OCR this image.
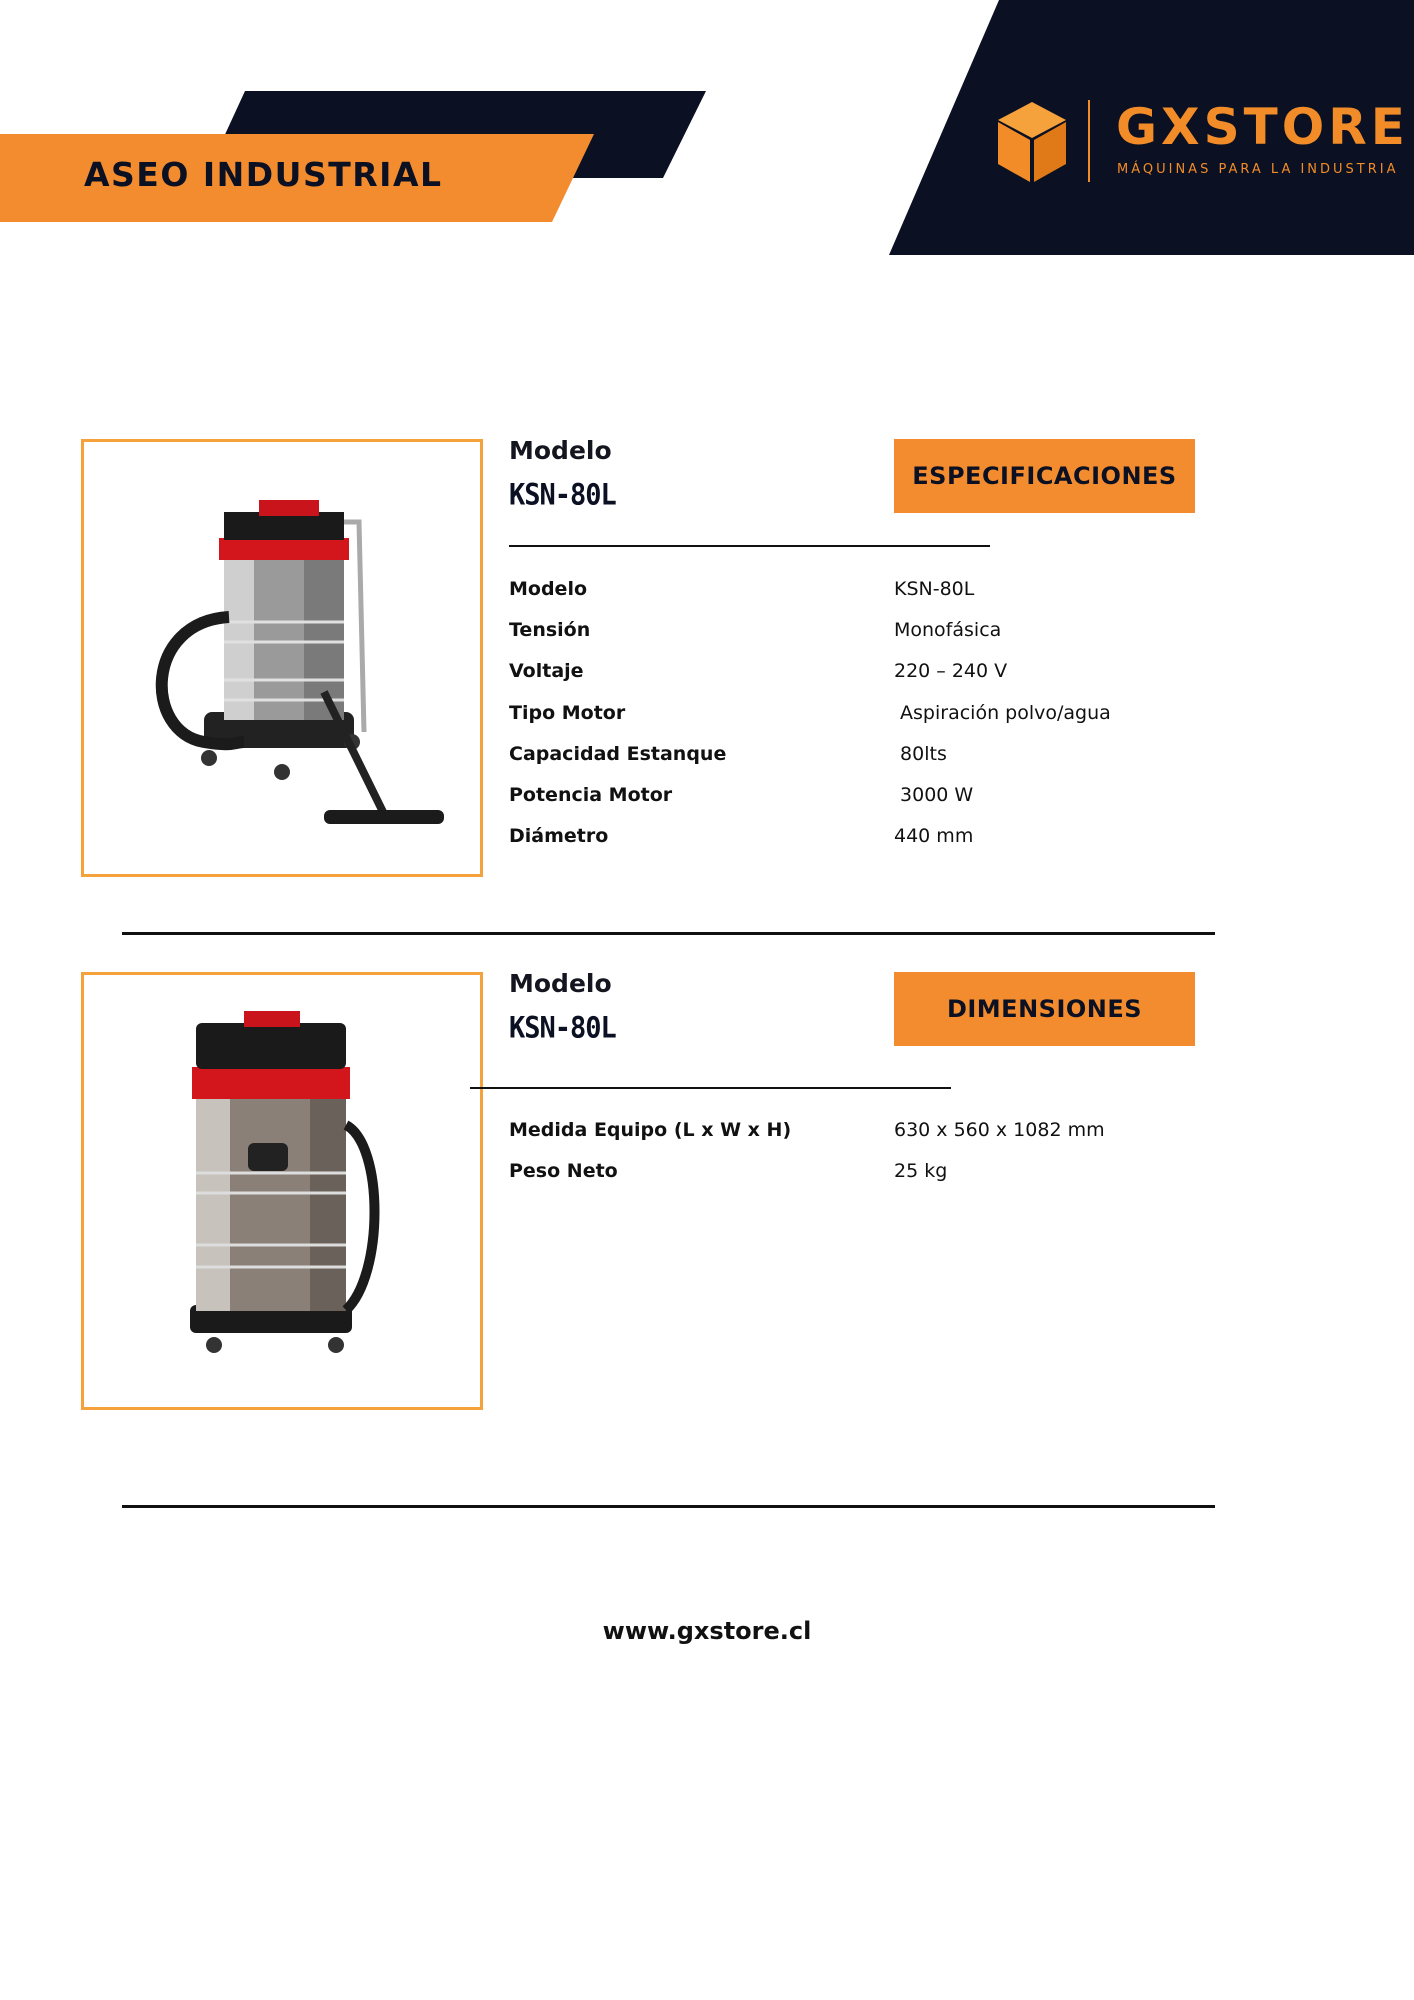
ASEO INDUSTRIAL
GXSTORE
MÁQUINAS PARA LA INDUSTRIA
Modelo
KSN-80L
ESPECIFICACIONES
Modelo	KSN-80L
Tensión	Monofásica
Voltaje	220 – 240 V
Tipo Motor	Aspiración polvo/agua
Capacidad Estanque	80lts
Potencia Motor	3000 W
Diámetro	440 mm
Modelo
KSN-80L
DIMENSIONES
Medida Equipo (L x W x H)	630 x 560 x 1082 mm
Peso Neto	25 kg
www.gxstore.cl
